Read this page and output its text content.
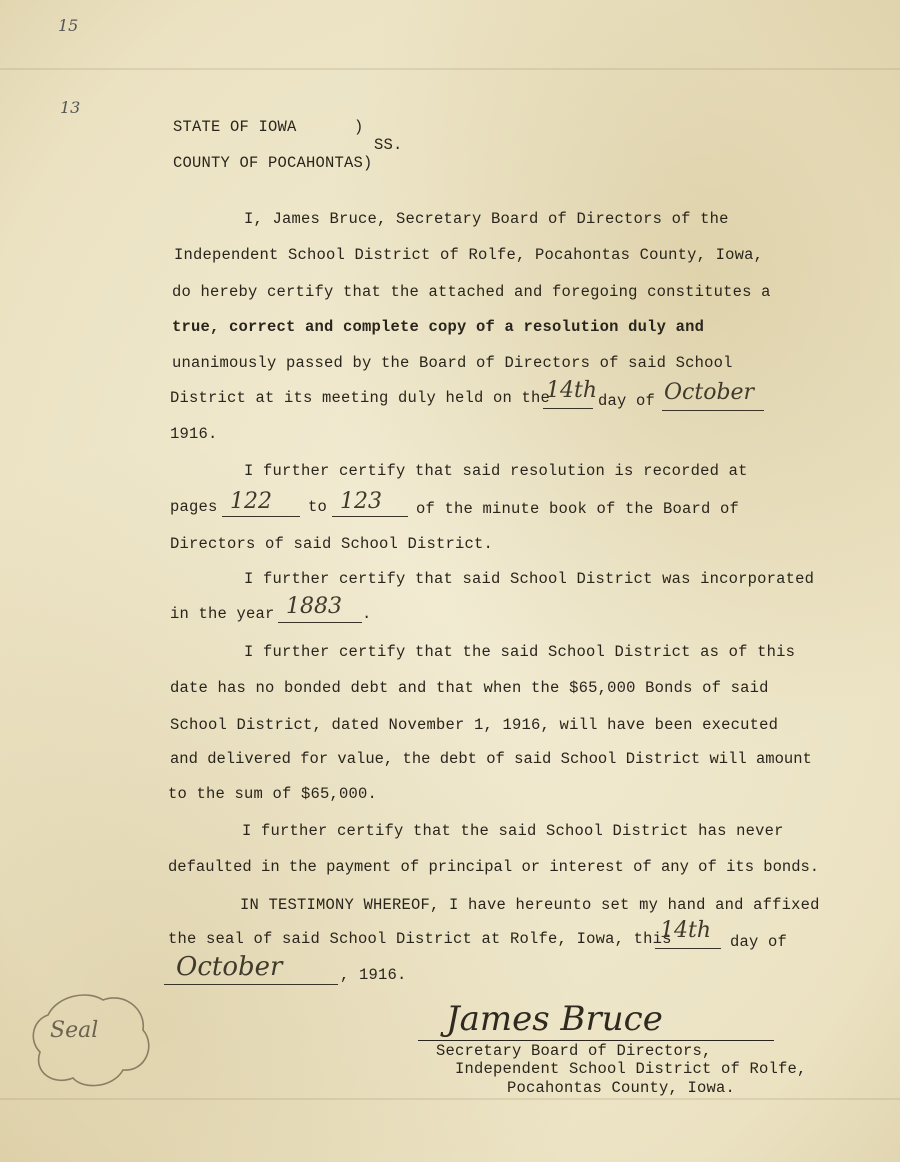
15
13
STATE OF IOWA	)
SS.
COUNTY OF POCAHONTAS)
I, James Bruce, Secretary Board of Directors of the
Independent School District of Rolfe, Pocahontas County, Iowa,
do hereby certify that the attached and foregoing constitutes a
true, correct and complete copy of a resolution duly and
unanimously passed by the Board of Directors of said School
District at its meeting duly held on the
14th day of October
1916.
I further certify that said resolution is recorded at
pages 122 to 123 of the minute book of the Board of
Directors of said School District.
I further certify that said School District was incorporated
in the year 1883 .
I further certify that the said School District as of this
date has no bonded debt and that when the $65,000 Bonds of said
School District, dated November 1, 1916, will have been executed
and delivered for value, the debt of said School District will amount
to the sum of $65,000.
I further certify that the said School District has never
defaulted in the payment of principal or interest of any of its bonds.
IN TESTIMONY WHEREOF, I have hereunto set my hand and affixed
the seal of said School District at Rolfe, Iowa, this
14th day of
October	, 1916.
Seal	James Bruce
Secretary Board of Directors,
Independent School District of Rolfe,
Pocahontas County, Iowa.
